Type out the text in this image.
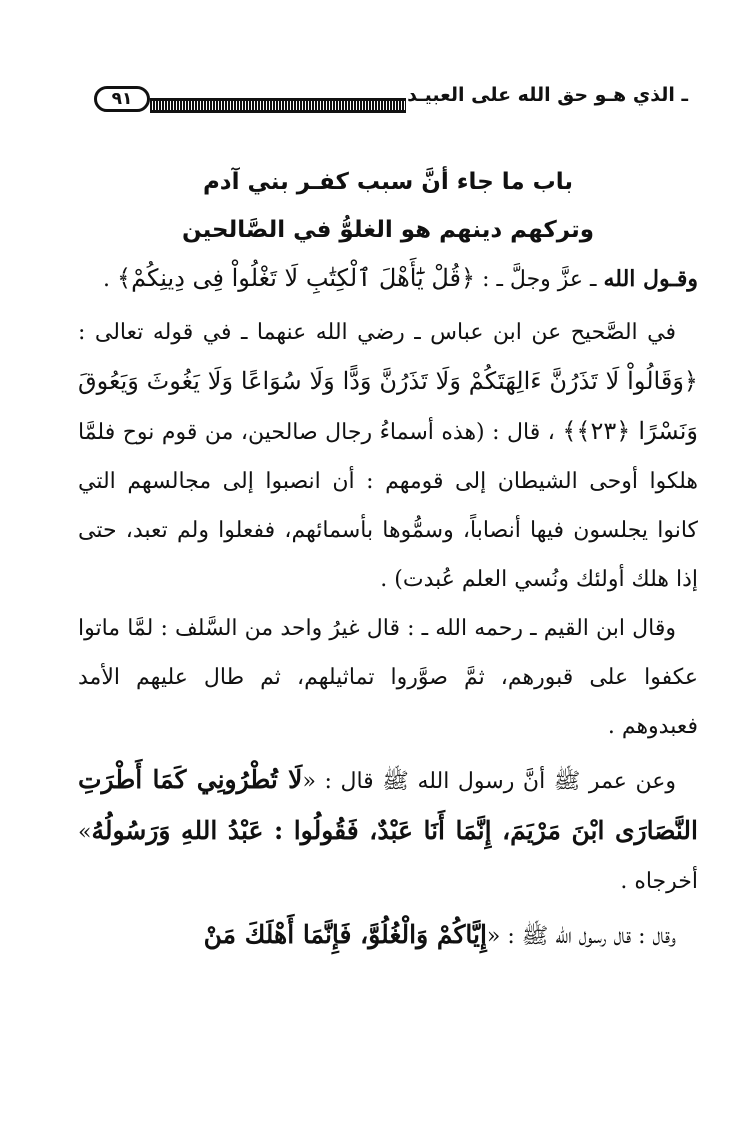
ـ الذي هـو حق الله على العبيـد
٩١
باب ما جاء أنَّ سبب كفـر بني آدم
وتركهم دينهم هو الغلوُّ في الصَّالحين

وقـول الله ـ عزَّ وجلَّ ـ : ﴿قُلْ يَٰٓأَهْلَ ٱلْكِتَٰبِ لَا تَغْلُواْ فِى دِينِكُمْ﴾ .

في الصَّحيح عن ابن عباس ـ رضي الله عنهما ـ في قوله تعالى : ﴿وَقَالُواْ لَا تَذَرُنَّ ءَالِهَتَكُمْ وَلَا تَذَرُنَّ وَدًّا وَلَا سُوَاعًا وَلَا يَغُوثَ وَيَعُوقَ وَنَسْرًا ﴿٢٣﴾﴾ ، قال : (هذه أسماءُ رجال صالحين، من قوم نوح فلمَّا هلكوا أوحى الشيطان إلى قومهم : أن انصبوا إلى مجالسهم التي كانوا يجلسون فيها أنصاباً، وسمُّوها بأسمائهم، ففعلوا ولم تعبد، حتى إذا هلك أولئك ونُسي العلم عُبدت) .

وقال ابن القيم ـ رحمه الله ـ : قال غيرُ واحد من السَّلف : لمَّا ماتوا عكفوا على قبورهم، ثمَّ صوَّروا تماثيلهم، ثم طال عليهم الأمد فعبدوهم .

وعن عمر ﷺ أنَّ رسول الله ﷺ قال : «لَا تُطْرُونِي كَمَا أَطْرَتِ النَّصَارَى ابْنَ مَرْيَمَ، إِنَّمَا أَنَا عَبْدٌ، فَقُولُوا : عَبْدُ اللهِ وَرَسُولُهُ» أخرجاه .

وقال : قال رسول الله ﷺ : «إِيَّاكُمْ وَالْغُلُوَّ، فَإِنَّمَا أَهْلَكَ مَنْ
